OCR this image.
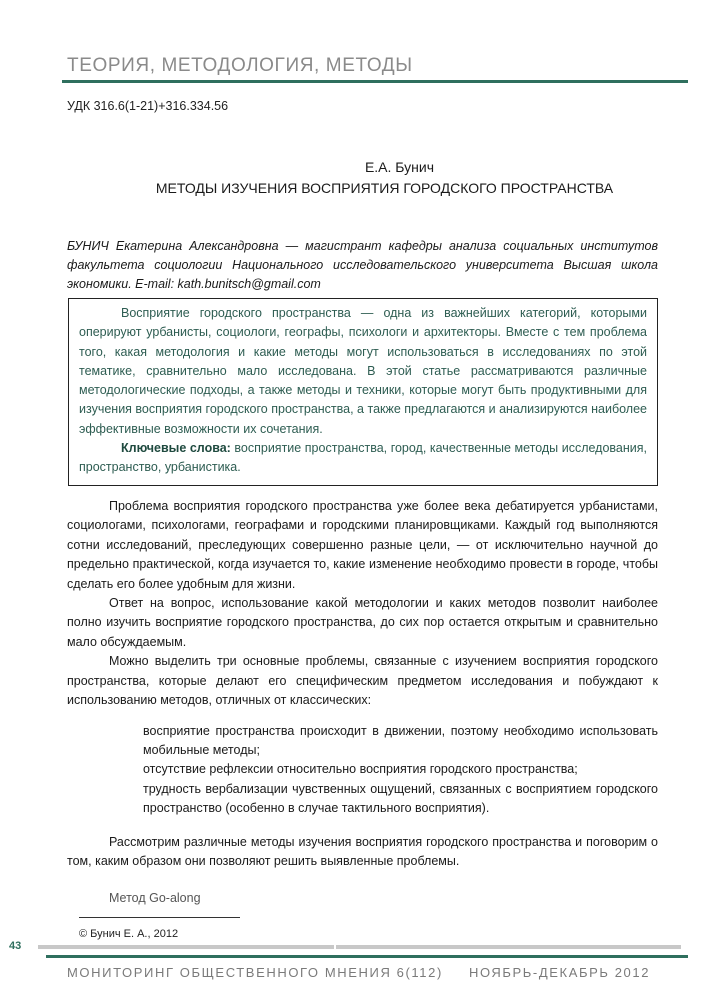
ТЕОРИЯ, МЕТОДОЛОГИЯ, МЕТОДЫ
УДК 316.6(1-21)+316.334.56
Е.А. Бунич
МЕТОДЫ ИЗУЧЕНИЯ ВОСПРИЯТИЯ ГОРОДСКОГО ПРОСТРАНСТВА
БУНИЧ Екатерина Александровна — магистрант кафедры анализа социальных институтов факультета социологии Национального исследовательского университета Высшая школа экономики. E-mail: kath.bunitsch@gmail.com

Восприятие городского пространства — одна из важнейших категорий, которыми оперируют урбанисты, социологи, географы, психологи и архитекторы. Вместе с тем проблема того, какая методология и какие методы могут использоваться в исследованиях по этой тематике, сравнительно мало исследована. В этой статье рассматриваются различные методологические подходы, а также методы и техники, которые могут быть продуктивными для изучения восприятия городского пространства, а также предлагаются и анализируются наиболее эффективные возможности их сочетания.

Ключевые слова: восприятие пространства, город, качественные методы исследования, пространство, урбанистика.

Проблема восприятия городского пространства уже более века дебатируется урбанистами, социологами, психологами, географами и городскими планировщиками. Каждый год выполняются сотни исследований, преследующих совершенно разные цели, — от исключительно научной до предельно практической, когда изучается то, какие изменение необходимо провести в городе, чтобы сделать его более удобным для жизни.

Ответ на вопрос, использование какой методологии и каких методов позволит наиболее полно изучить восприятие городского пространства, до сих пор остается открытым и сравнительно мало обсуждаемым.

Можно выделить три основные проблемы, связанные с изучением восприятия городского пространства, которые делают его специфическим предметом исследования и побуждают к использованию методов, отличных от классических:

восприятие пространства происходит в движении, поэтому необходимо использовать мобильные методы;
отсутствие рефлексии относительно восприятия городского пространства;
трудность вербализации чувственных ощущений, связанных с восприятием городского пространство (особенно в случае тактильного восприятия).

Рассмотрим различные методы изучения восприятия городского пространства и поговорим о том, каким образом они позволяют решить выявленные проблемы.

Метод Go-along
© Бунич Е. А., 2012
43
МОНИТОРИНГ ОБЩЕСТВЕННОГО МНЕНИЯ 6(112) НОЯБРЬ-ДЕКАБРЬ 2012
